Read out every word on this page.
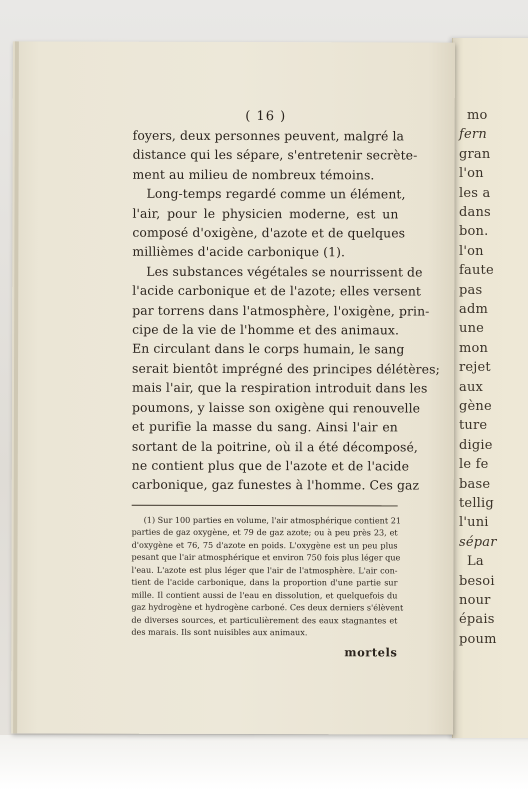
mo
fern
gran
l'on
les a
dans
bon.
l'on
faute
pas
adm
une
mon
rejet
aux
gène
ture
digie
le fe
base
tellig
l'uni
sépar
La
besoi
nour
épais
poum
( 16 )
foyers, deux personnes peuvent, malgré la
distance qui les sépare, s'entretenir secrète-
ment au milieu de nombreux témoins.
Long-temps regardé comme un élément,
l'air, pour le physicien moderne, est un
composé d'oxigène, d'azote et de quelques
millièmes d'acide carbonique (1).
Les substances végétales se nourrissent de
l'acide carbonique et de l'azote; elles versent
par torrens dans l'atmosphère, l'oxigène, prin-
cipe de la vie de l'homme et des animaux.
En circulant dans le corps humain, le sang
serait bientôt imprégné des principes délétères;
mais l'air, que la respiration introduit dans les
poumons, y laisse son oxigène qui renouvelle
et purifie la masse du sang. Ainsi l'air en
sortant de la poitrine, où il a été décomposé,
ne contient plus que de l'azote et de l'acide
carbonique, gaz funestes à l'homme. Ces gaz
(1) Sur 100 parties en volume, l'air atmosphérique contient 21
parties de gaz oxygène, et 79 de gaz azote; ou à peu près 23, et
d'oxygène et 76, 75 d'azote en poids. L'oxygène est un peu plus
pesant que l'air atmosphérique et environ 750 fois plus léger que
l'eau. L'azote est plus léger que l'air de l'atmosphère. L'air con-
tient de l'acide carbonique, dans la proportion d'une partie sur
mille. Il contient aussi de l'eau en dissolution, et quelquefois du
gaz hydrogène et hydrogène carboné. Ces deux derniers s'élèvent
de diverses sources, et particulièrement des eaux stagnantes et
des marais. Ils sont nuisibles aux animaux.
mortels
